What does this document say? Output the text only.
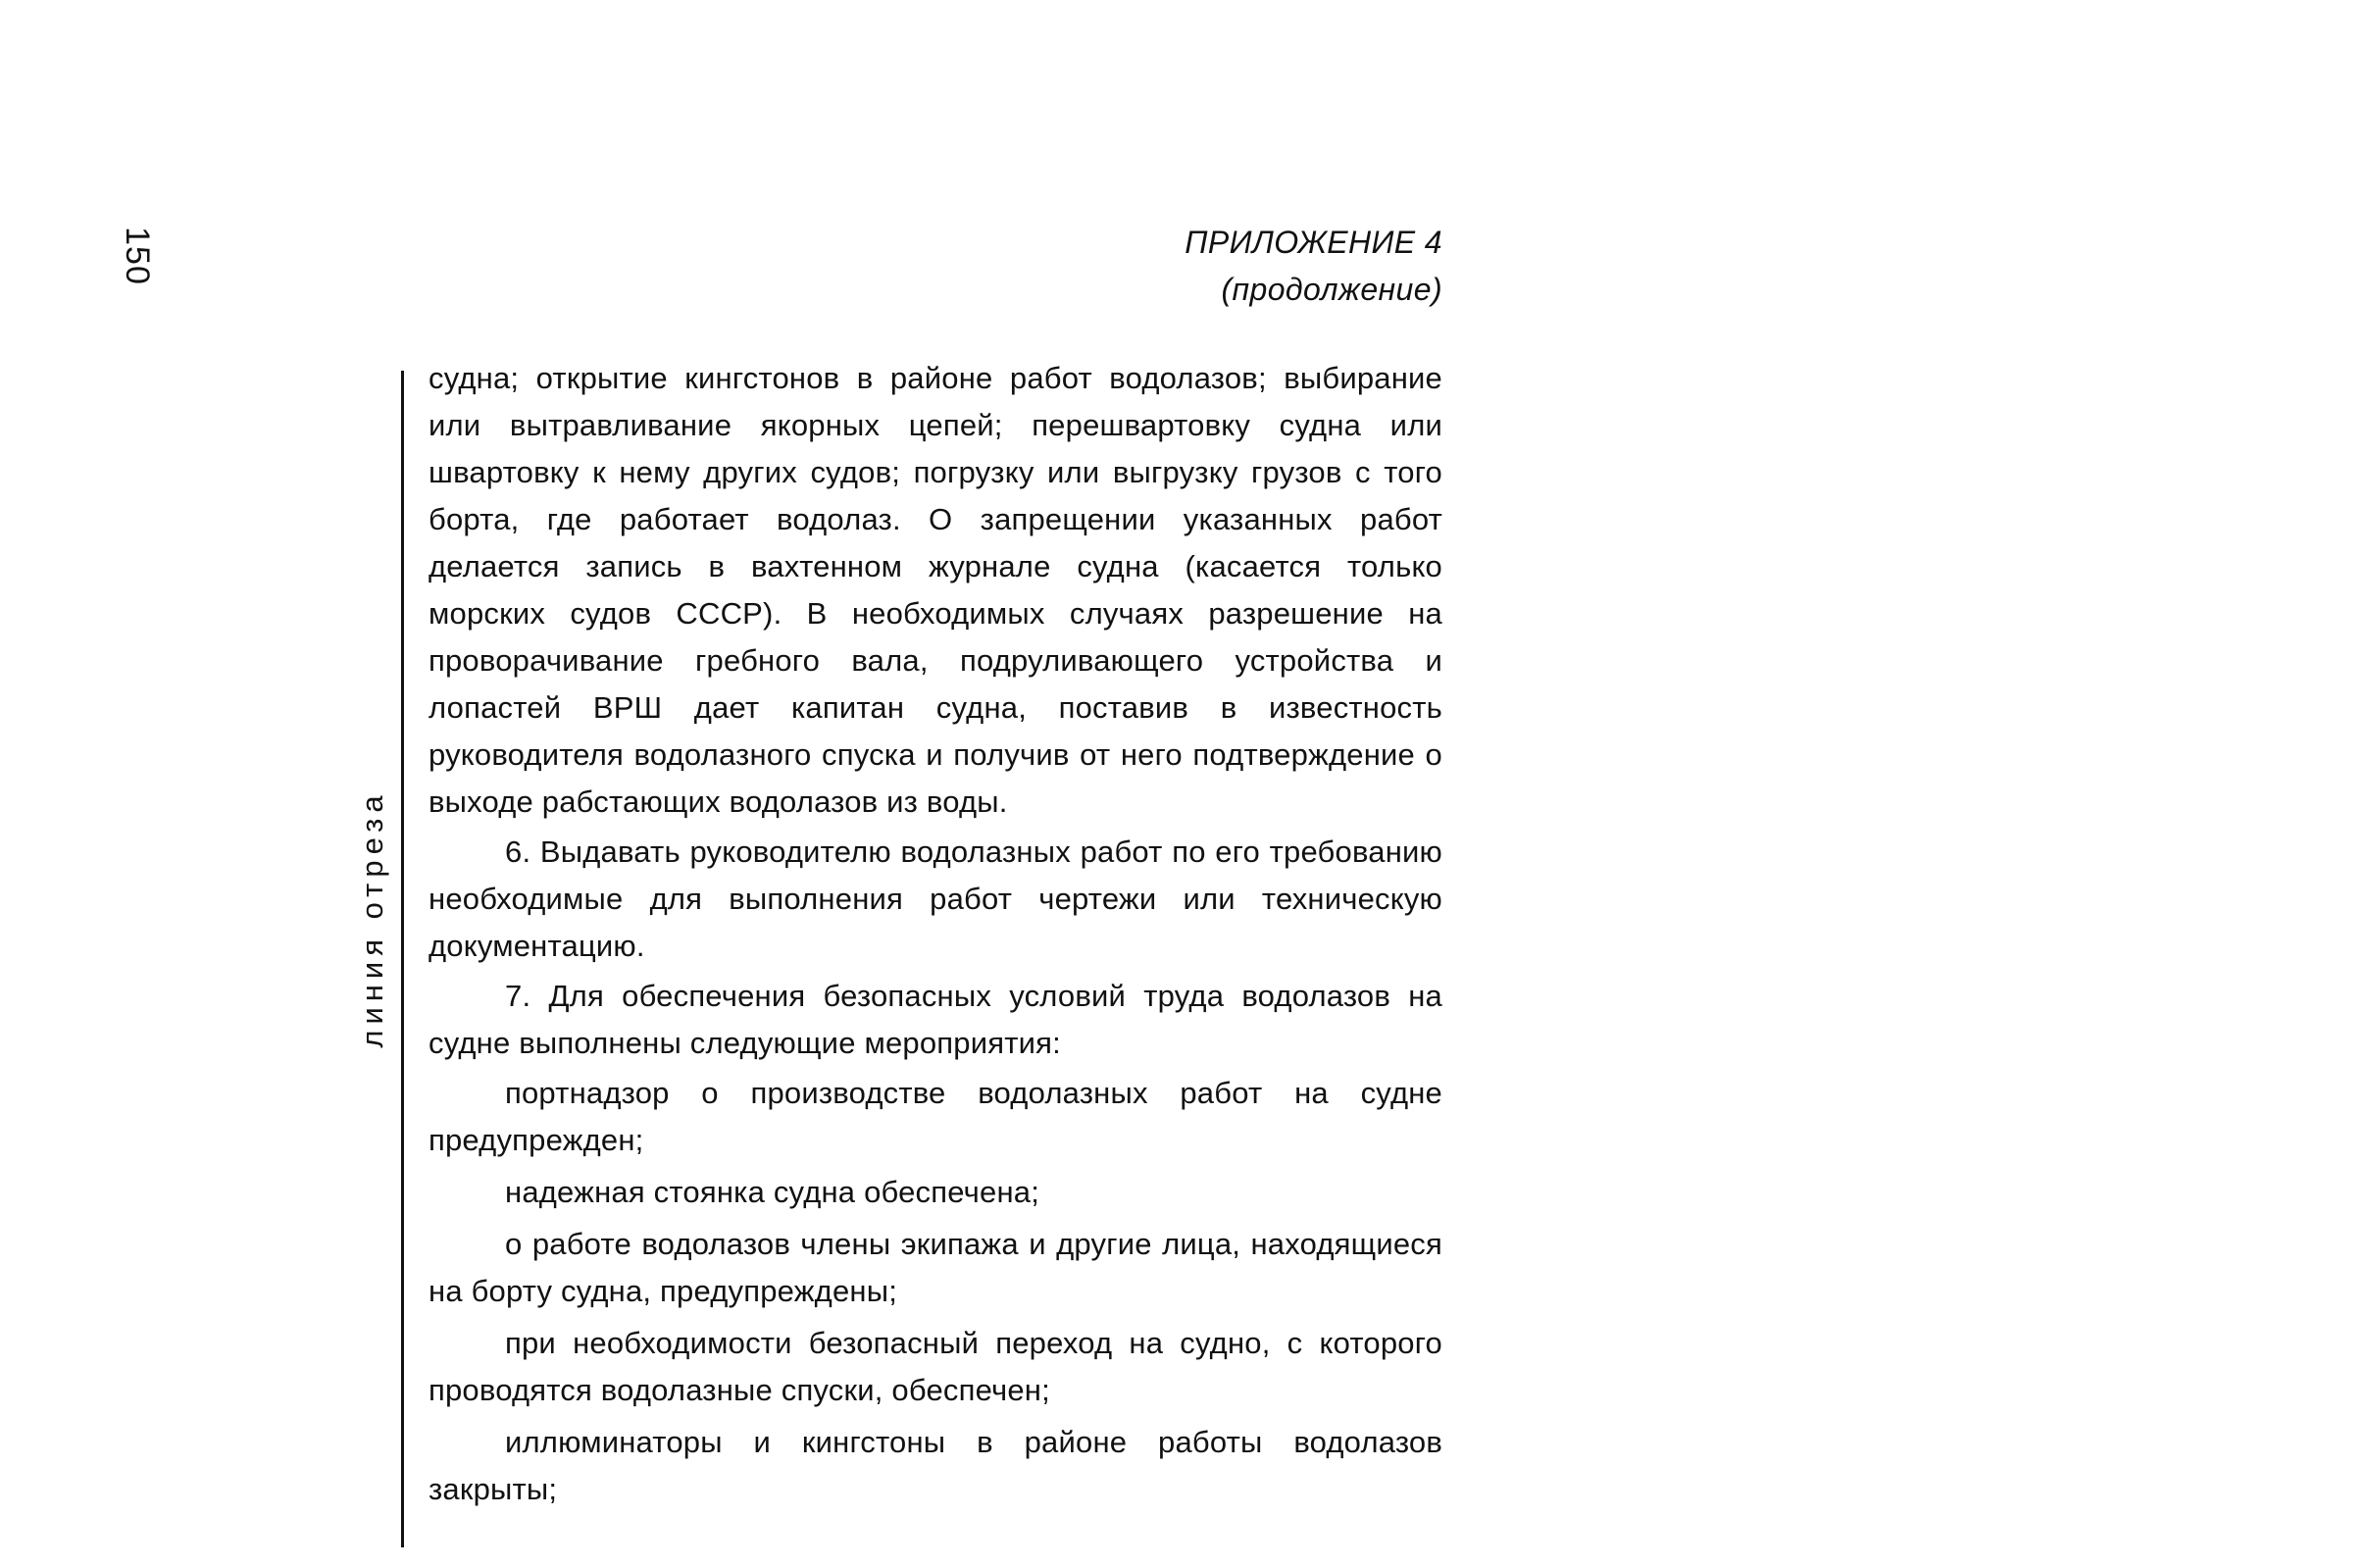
150
линия отреза
ПРИЛОЖЕНИЕ 4
(продолжение)

судна; открытие кингстонов в районе работ водолазов; выбирание или вытравливание якорных цепей; перешвартовку судна или швартовку к нему других судов; погрузку или выгрузку грузов с того борта, где работает водолаз. О запрещении указанных работ делается запись в вахтенном журнале судна (касается только морских судов СССР). В необходимых случаях разрешение на проворачивание гребного вала, подруливающего устройства и лопастей ВРШ дает капитан судна, поставив в известность руководителя водолазного спуска и получив от него подтверждение о выходе рабстающих водолазов из воды.

6. Выдавать руководителю водолазных работ по его требованию необходимые для выполнения работ чертежи или техническую документацию.

7. Для обеспечения безопасных условий труда водолазов на судне выполнены следующие мероприятия:

портнадзор о производстве водолазных работ на судне предупрежден;

надежная стоянка судна обеспечена;

о работе водолазов члены экипажа и другие лица, находящиеся на борту судна, предупреждены;

при необходимости безопасный переход на судно, с которого проводятся водолазные спуски, обеспечен;

иллюминаторы и кингстоны в районе работы водолазов закрыты;
